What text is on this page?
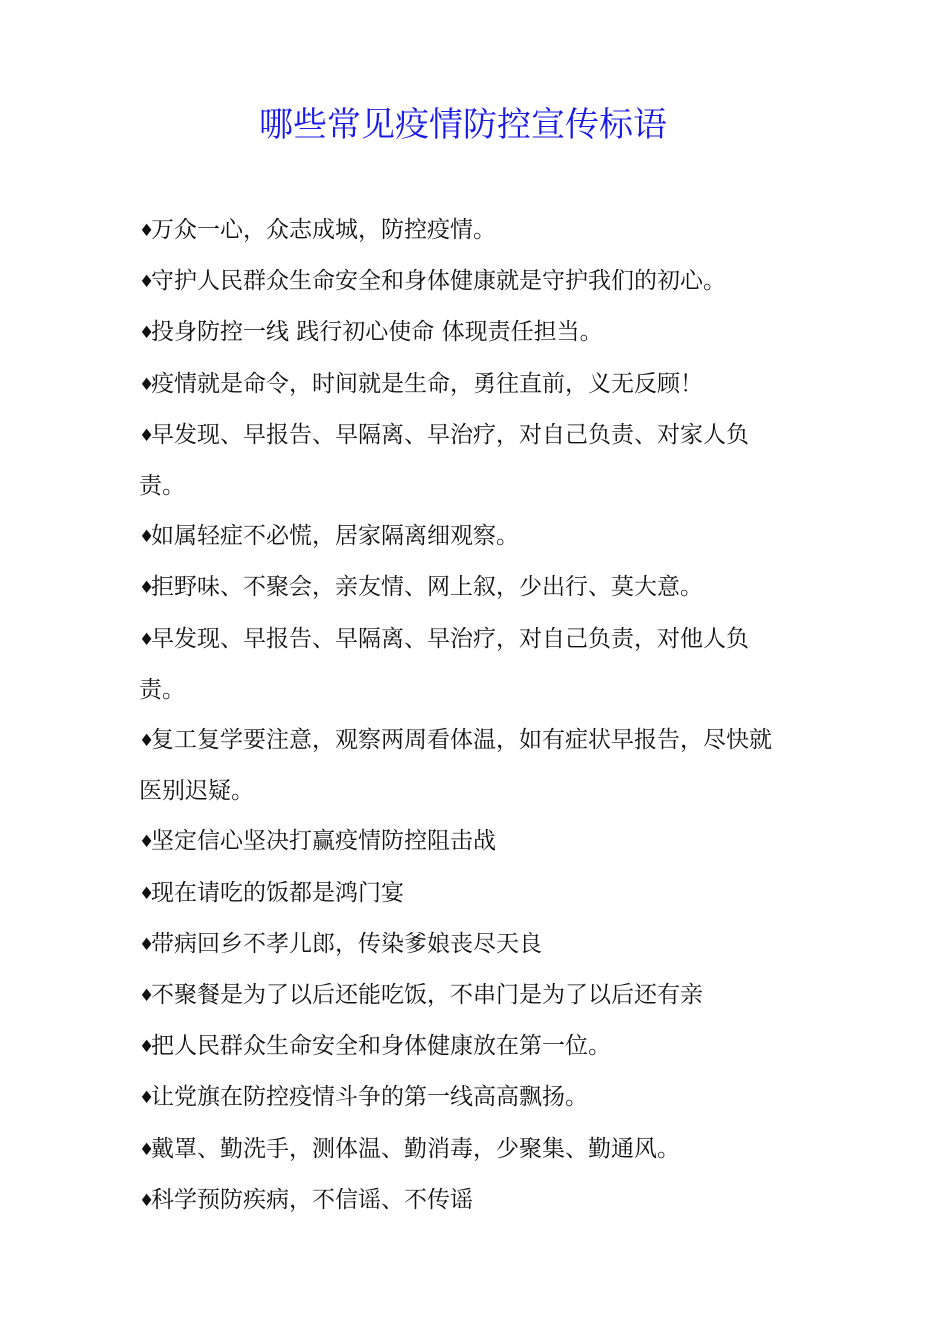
哪些常见疫情防控宣传标语

♦万众一心，众志成城，防控疫情。

♦守护人民群众生命安全和身体健康就是守护我们的初心。

♦投身防控一线 践行初心使命 体现责任担当。

♦疫情就是命令，时间就是生命，勇往直前，义无反顾！

♦早发现、早报告、早隔离、早治疗，对自己负责、对家人负责。

♦如属轻症不必慌，居家隔离细观察。

♦拒野味、不聚会，亲友情、网上叙，少出行、莫大意。

♦早发现、早报告、早隔离、早治疗，对自己负责，对他人负责。

♦复工复学要注意，观察两周看体温，如有症状早报告，尽快就医别迟疑。

♦坚定信心坚决打赢疫情防控阻击战

♦现在请吃的饭都是鸿门宴

♦带病回乡不孝儿郎，传染爹娘丧尽天良

♦不聚餐是为了以后还能吃饭，不串门是为了以后还有亲

♦把人民群众生命安全和身体健康放在第一位。

♦让党旗在防控疫情斗争的第一线高高飘扬。

♦戴罩、勤洗手，测体温、勤消毒，少聚集、勤通风。

♦科学预防疾病，不信谣、不传谣
